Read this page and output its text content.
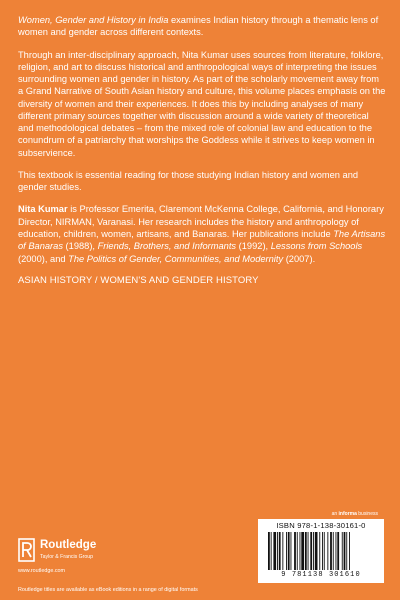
Women, Gender and History in India examines Indian history through a thematic lens of women and gender across different contexts.

Through an inter-disciplinary approach, Nita Kumar uses sources from literature, folklore, religion, and art to discuss historical and anthropological ways of interpreting the issues surrounding women and gender in history. As part of the scholarly movement away from a Grand Narrative of South Asian history and culture, this volume places emphasis on the diversity of women and their experiences. It does this by including analyses of many different primary sources together with discussion around a wide variety of theoretical and methodological debates – from the mixed role of colonial law and education to the conundrum of a patriarchy that worships the Goddess while it strives to keep women in subservience.

This textbook is essential reading for those studying Indian history and women and gender studies.

Nita Kumar is Professor Emerita, Claremont McKenna College, California, and Honorary Director, NIRMAN, Varanasi. Her research includes the history and anthropology of education, children, women, artisans, and Banaras. Her publications include The Artisans of Banaras (1988), Friends, Brothers, and Informants (1992), Lessons from Schools (2000), and The Politics of Gender, Communities, and Modernity (2007).

ASIAN HISTORY / WOMEN'S AND GENDER HISTORY

an informa business
ISBN 978-1-138-30161-0
9 781138 301610
Routledge
Taylor & Francis Group
www.routledge.com
Routledge titles are available as eBook editions in a range of digital formats
